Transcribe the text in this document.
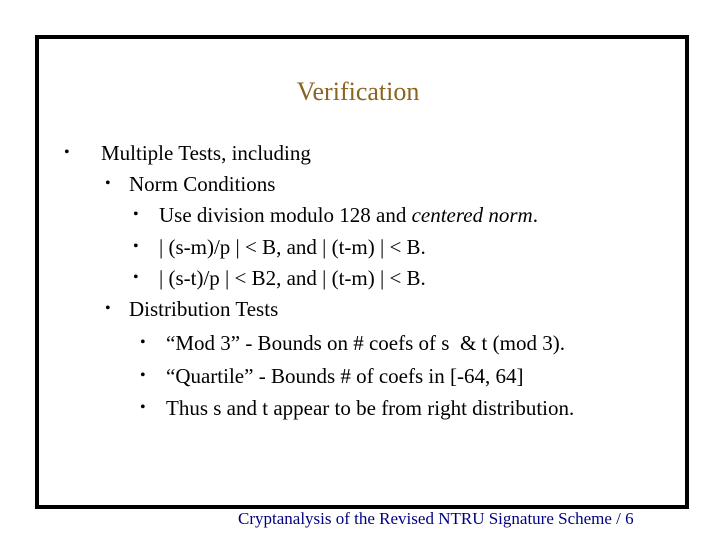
Verification
• Multiple Tests, including
• Norm Conditions
• Use division modulo 128 and centered norm.
• | (s-m)/p | < B, and | (t-m) | < B.
• | (s-t)/p | < B2, and | (t-m) | < B.
• Distribution Tests
• “Mod 3” - Bounds on # coefs of s  & t (mod 3).
• “Quartile” - Bounds # of coefs in [-64, 64]
• Thus s and t appear to be from right distribution.
Cryptanalysis of the Revised NTRU Signature Scheme / 6
